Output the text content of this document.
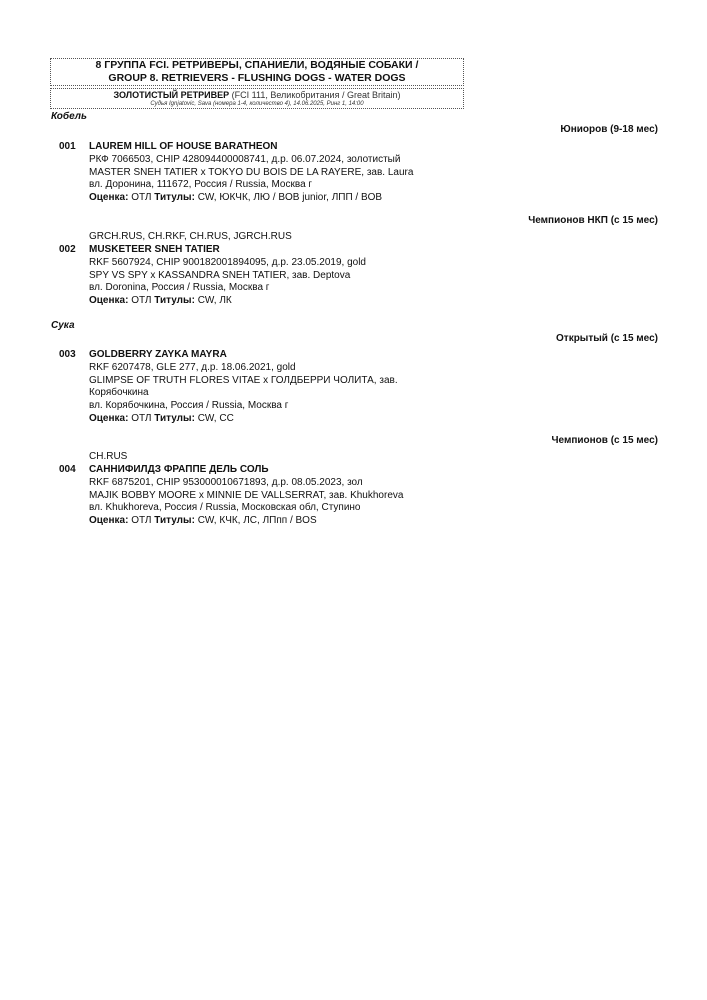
8 ГРУППА FCI. РЕТРИВЕРЫ, СПАНИЕЛИ, ВОДЯНЫЕ СОБАКИ /
GROUP 8. RETRIEVERS - FLUSHING DOGS - WATER DOGS
ЗОЛОТИСТЫЙ РЕТРИВЕР (FCI 111, Великобритания / Great Britain)
Судья Ignjatovic, Sava (номера 1-4, количество 4), 14.06.2025, Ринг 1, 14:00
Кобель
Юниоров (9-18 мес)
001 LAUREM HILL OF HOUSE BARATHEON
РКФ 7066503, CHIP 428094400008741, д.р. 06.07.2024, золотистый
MASTER SNEH TATIER x TOKYO DU BOIS DE LA RAYERE, зав. Laura
вл. Доронина, 111672, Россия / Russia, Москва г
Оценка: ОТЛ Титулы: CW, ЮКЧК, ЛЮ / BOB junior, ЛПП / BOB
Чемпионов НКП (с 15 мес)
GRCH.RUS, CH.RKF, CH.RUS, JGRCH.RUS
002 MUSKETEER SNEH TATIER
RKF 5607924, CHIP 900182001894095, д.р. 23.05.2019, gold
SPY VS SPY x KASSANDRA SNEH TATIER, зав. Deptova
вл. Doronina, Россия / Russia, Москва г
Оценка: ОТЛ Титулы: CW, ЛК
Сука
Открытый (с 15 мес)
003 GOLDBERRY ZAYKA MAYRA
RKF 6207478, GLE 277, д.р. 18.06.2021, gold
GLIMPSE OF TRUTH FLORES VITAE x ГОЛДБЕРРИ ЧОЛИТА, зав.
Корябочкина
вл. Корябочкина, Россия / Russia, Москва г
Оценка: ОТЛ Титулы: CW, CC
Чемпионов (с 15 мес)
CH.RUS
004 САННИФИЛДЗ ФРАППЕ ДЕЛЬ СОЛЬ
RKF 6875201, CHIP 953000010671893, д.р. 08.05.2023, зол
MAJIK BOBBY MOORE x MINNIE DE VALLSERRAT, зав. Khukhoreva
вл. Khukhoreva, Россия / Russia, Московская обл, Ступино
Оценка: ОТЛ Титулы: CW, КЧК, ЛС, ЛПпп / BOS
